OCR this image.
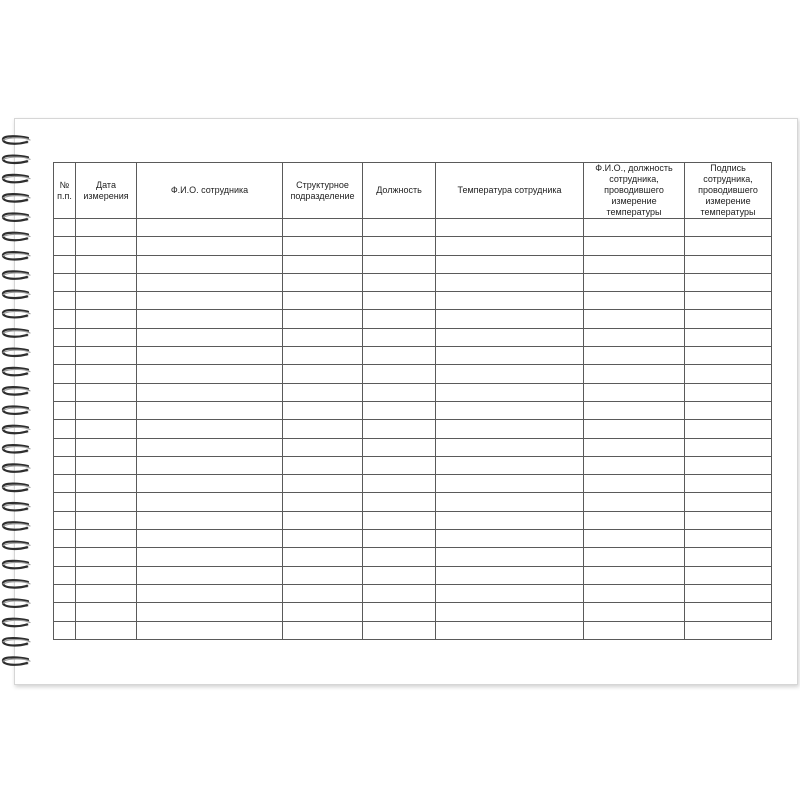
№ п.п.	Дата измерения	Ф.И.О. сотрудника	Структурное подразделение	Должность	Температура сотрудника	Ф.И.О., должность сотрудника, проводившего измерение температуры	Подпись сотрудника, проводившего измерение температуры
